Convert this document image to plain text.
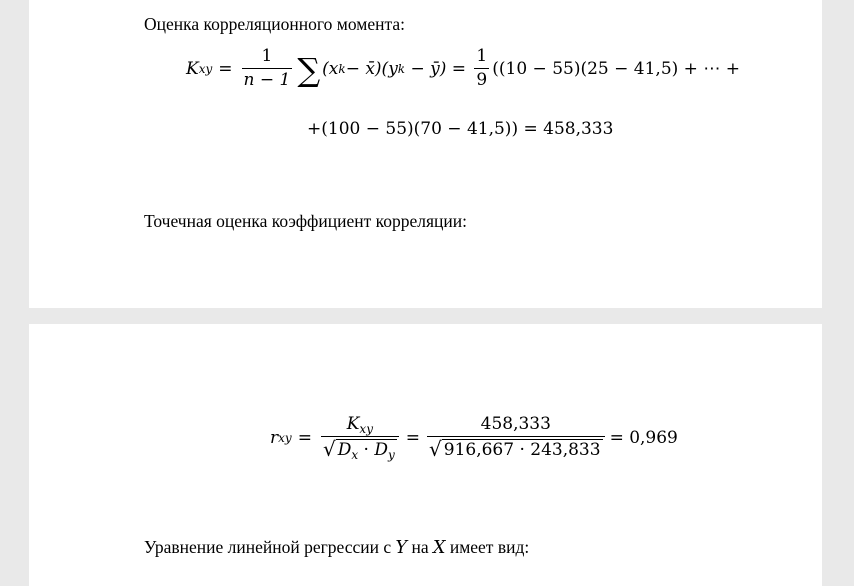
Оценка корреляционного момента:
K xy = $\frac{1}{n - 1}$ ∑ (x k − x̄)(y k − ȳ) = $\frac{1}{9} ((10 - 55)(25 - 41,5)$ + ⋯ +
+(100 − 55)(70 − 41,5)) = 458,333
Точечная оценка коэффициент корреляции:
r xy = $\frac{K_{xy}}{√ D_x \cdot D_y} = \frac{458,333}{√ 916,667 \cdot 243,833} = 0,969$
Уравнение линейной регрессии с Y на X имеет вид:
